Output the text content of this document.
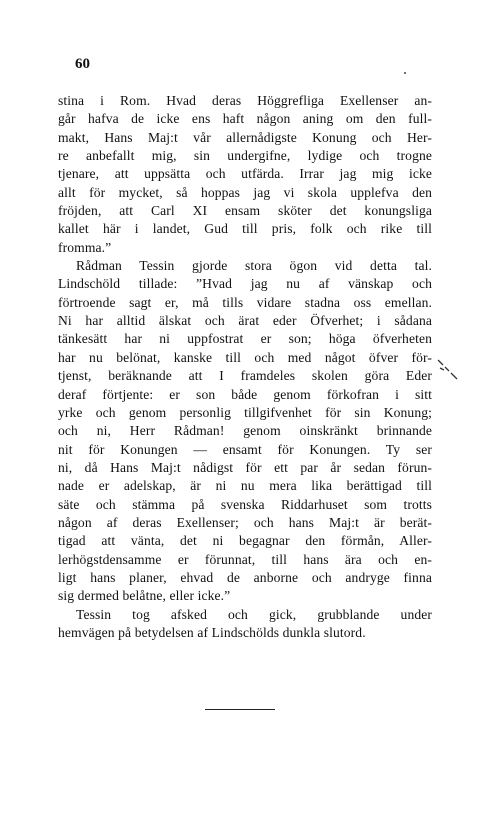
60
stina i Rom. Hvad deras Höggrefliga Exellenser an-
går hafva de icke ens haft någon aning om den full-
makt, Hans Maj:t vår allernådigste Konung och Her-
re anbefallt mig, sin undergifne, lydige och trogne
tjenare, att uppsätta och utfärda. Irrar jag mig icke
allt för mycket, så hoppas jag vi skola upplefva den
fröjden, att Carl XI ensam sköter det konungsliga
kallet här i landet, Gud till pris, folk och rike till
fromma.”
Rådman Tessin gjorde stora ögon vid detta tal.
Lindschöld tillade: ”Hvad jag nu af vänskap och
förtroende sagt er, må tills vidare stadna oss emellan.
Ni har alltid älskat och ärat eder Öfverhet; i sådana
tänkesätt har ni uppfostrat er son; höga öfverheten
har nu belönat, kanske till och med något öfver för-
tjenst, beräknande att I framdeles skolen göra Eder
deraf förtjente: er son både genom förkofran i sitt
yrke och genom personlig tillgifvenhet för sin Konung;
och ni, Herr Rådman! genom oinskränkt brinnande
nit för Konungen — ensamt för Konungen. Ty ser
ni, då Hans Maj:t nådigst för ett par år sedan förun-
nade er adelskap, är ni nu mera lika berättigad till
säte och stämma på svenska Riddarhuset som trotts
någon af deras Exellenser; och hans Maj:t är berät-
tigad att vänta, det ni begagnar den förmån, Aller-
lerhögstdensamme er förunnat, till hans ära och en-
ligt hans planer, ehvad de anborne och andryge finna
sig dermed belåtne, eller icke.”
Tessin tog afsked och gick, grubblande under
hemvägen på betydelsen af Lindschölds dunkla slutord.
